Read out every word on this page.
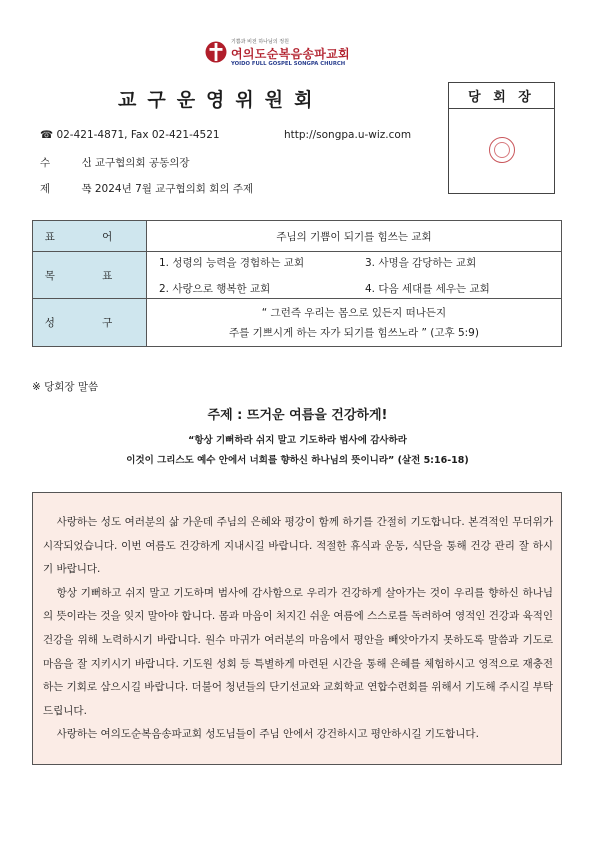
기쁨과 비전 하나님의 정원
여의도순복음송파교회
YOIDO FULL GOSPEL SONGPA CHURCH
교구운영위원회	당 회 장
☎ 02-421-4871, Fax 02-421-4521	http://songpa.u-wiz.com
수 신: 교구협의회 공동의장
제 목: 2024년 7월 교구협의회 회의 주제
표 어	주님의 기쁨이 되기를 힘쓰는 교회
목 표	1. 성령의 능력을 경험하는 교회 3. 사명을 감당하는 교회
2. 사랑으로 행복한 교회 4. 다음 세대를 세우는 교회

성 구	“ 그런즉 우리는 몸으로 있든지 떠나든지
주를 기쁘시게 하는 자가 되기를 힘쓰노라 ” (고후 5:9)
※ 당회장 말씀
주제 : 뜨거운 여름을 건강하게!
“항상 기뻐하라 쉬지 말고 기도하라 범사에 감사하라
이것이 그리스도 예수 안에서 너희를 향하신 하나님의 뜻이니라” (살전 5:16-18)

사랑하는 성도 여러분의 삶 가운데 주님의 은혜와 평강이 함께 하기를 간절히 기도합니다. 본격적인 무더위가 시작되었습니다. 이번 여름도 건강하게 지내시길 바랍니다. 적절한 휴식과 운동, 식단을 통해 건강 관리 잘 하시기 바랍니다.

항상 기뻐하고 쉬지 말고 기도하며 범사에 감사함으로 우리가 건강하게 살아가는 것이 우리를 향하신 하나님의 뜻이라는 것을 잊지 말아야 합니다. 몸과 마음이 처지긴 쉬운 여름에 스스로를 독려하여 영적인 건강과 육적인 건강을 위해 노력하시기 바랍니다. 원수 마귀가 여러분의 마음에서 평안을 빼앗아가지 못하도록 말씀과 기도로 마음을 잘 지키시기 바랍니다. 기도원 성회 등 특별하게 마련된 시간을 통해 은혜를 체험하시고 영적으로 재충전하는 기회로 삼으시길 바랍니다. 더불어 청년들의 단기선교와 교회학교 연합수련회를 위해서 기도해 주시길 부탁드립니다.

사랑하는 여의도순복음송파교회 성도님들이 주님 안에서 강건하시고 평안하시길 기도합니다.
